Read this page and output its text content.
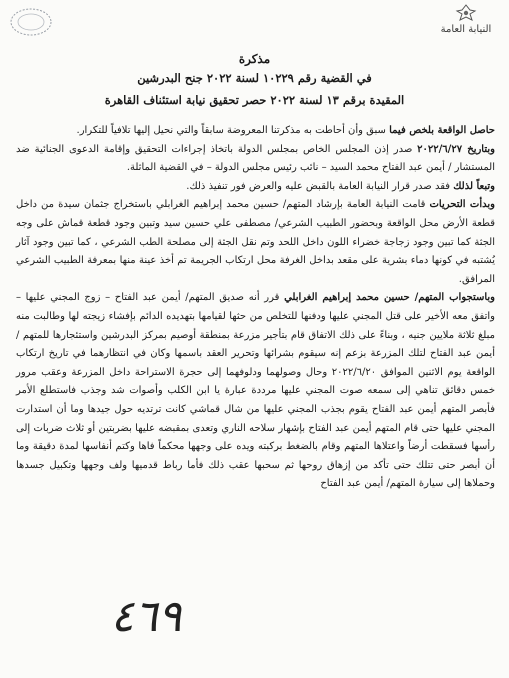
النيابة العامة
مذكرة
في القضية رقم ١٠٢٢٩ لسنة ٢٠٢٢ جنح البدرشين
المقيدة برقم ١٣ لسنة ٢٠٢٢ حصر تحقيق نيابة استئناف القاهرة

حاصل الواقعة بلخص فيما سبق وأن أحاطت به مذكرتنا المعروضة سابقاً والتي نحيل إليها تلافياً للتكرار.

وبتاريخ ٢٠٢٢/٦/٢٧ صدر إذن المجلس الخاص بمجلس الدولة باتخاذ إجراءات التحقيق وإقامة الدعوى الجنائية ضد المستشار / أيمن عبد الفتاح محمد السيد – نائب رئيس مجلس الدولة – في القضية الماثلة.

وتبعاً لذلك فقد صدر قرار النيابة العامة بالقبض عليه والعرض فور تنفيذ ذلك.

وبدأت التحريات قامت النيابة العامة بإرشاد المتهم/ حسين محمد إبراهيم الغرابلي باستخراج جثمان سيدة من داخل قطعة الأرض محل الواقعة وبحضور الطبيب الشرعي/ مصطفى علي حسين سيد وتبين وجود قطعة قماش على وجه الجثة كما تبين وجود زجاجة خضراء اللون داخل اللحد وتم نقل الجثة إلى مصلحة الطب الشرعي ، كما تبين وجود آثار يُشتبه في كونها دماء بشرية على مقعد بداخل الغرفة محل ارتكاب الجريمة تم أخذ عينة منها بمعرفة الطبيب الشرعي المرافق.

وباستجواب المتهم/ حسين محمد إبراهيم الغرابلي قرر أنه صديق المتهم/ أيمن عبد الفتاح – زوج المجني عليها – واتفق معه الأخير على قتل المجني عليها ودفنها للتخلص من حثها لقيامها بتهديده الدائم بإفشاء زيجته لها وطالبت منه مبلغ ثلاثة ملايين جنيه ، وبناءً على ذلك الاتفاق قام بتأجير مزرعة بمنطقة أوصيم بمركز البدرشين واستئجارها للمتهم / أيمن عبد الفتاح لتلك المزرعة بزعم إنه سيقوم بشرائها وتحرير العقد باسمها وكان في انتظارهما في تاريخ ارتكاب الواقعة يوم الاثنين الموافق ٢٠٢٢/٦/٢٠ وحال وصولهما ودلوفهما إلى حجرة الاستراحة داخل المزرعة وعقب مرور خمس دقائق تناهي إلى سمعه صوت المجني عليها مرددة عبارة يا ابن الكلب وأصوات شد وجذب فاستطلع الأمر فأبصر المتهم أيمن عبد الفتاح يقوم بجذب المجني عليها من شال قماشي كانت ترتديه حول جيدها وما أن استدارت المجني عليها حتى قام المتهم أيمن عبد الفتاح بإشهار سلاحه الناري وتعدى بمقبضه عليها بضربتين أو ثلاث ضربات إلى رأسها فسقطت أرضاً واعتلاها المتهم وقام بالضغط بركبته ويده على وجهها محكماً فاها وكتم أنفاسها لمدة دقيقة وما أن أبصر حتى تتلك حتى تأكد من إزهاق روحها ثم سحبها عقب ذلك فأما رباط قدميها ولف وجهها وتكبيل جسدها وحملاها إلى سيارة المتهم/ أيمن عبد الفتاح

٤٦٩
